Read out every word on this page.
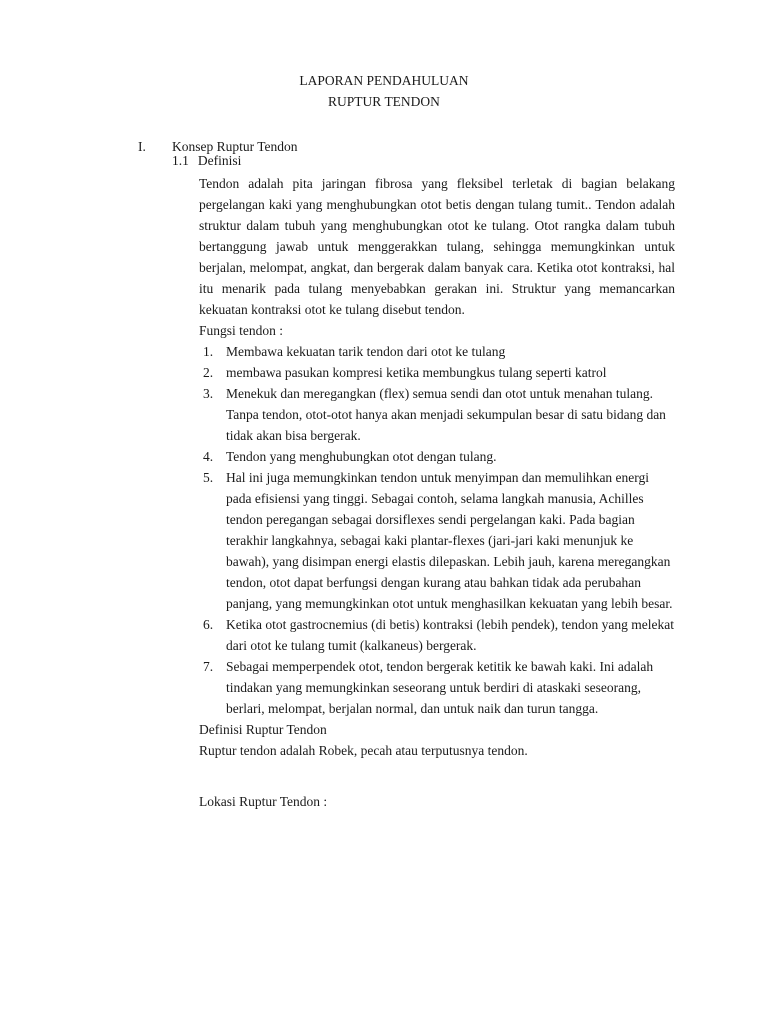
LAPORAN PENDAHULUAN
RUPTUR TENDON
I. Konsep Ruptur Tendon
1.1 Definisi

Tendon adalah pita jaringan fibrosa yang fleksibel terletak di bagian belakang pergelangan kaki yang menghubungkan otot betis dengan tulang tumit.. Tendon adalah struktur dalam tubuh yang menghubungkan otot ke tulang. Otot rangka dalam tubuh bertanggung jawab untuk menggerakkan tulang, sehingga memungkinkan untuk berjalan, melompat, angkat, dan bergerak dalam banyak cara. Ketika otot kontraksi, hal itu menarik pada tulang menyebabkan gerakan ini. Struktur yang memancarkan kekuatan kontraksi otot ke tulang disebut tendon.

Fungsi tendon :

1. Membawa kekuatan tarik tendon dari otot ke tulang
2. membawa pasukan kompresi ketika membungkus tulang seperti katrol
3. Menekuk dan meregangkan (flex) semua sendi dan otot untuk menahan tulang. Tanpa tendon, otot-otot hanya akan menjadi sekumpulan besar di satu bidang dan tidak akan bisa bergerak.
4. Tendon yang menghubungkan otot dengan tulang.
5. Hal ini juga memungkinkan tendon untuk menyimpan dan memulihkan energi pada efisiensi yang tinggi. Sebagai contoh, selama langkah manusia, Achilles tendon peregangan sebagai dorsiflexes sendi pergelangan kaki. Pada bagian terakhir langkahnya, sebagai kaki plantar-flexes (jari-jari kaki menunjuk ke bawah), yang disimpan energi elastis dilepaskan. Lebih jauh, karena meregangkan tendon, otot dapat berfungsi dengan kurang atau bahkan tidak ada perubahan panjang, yang memungkinkan otot untuk menghasilkan kekuatan yang lebih besar.
6. Ketika otot gastrocnemius (di betis) kontraksi (lebih pendek), tendon yang melekat dari otot ke tulang tumit (kalkaneus) bergerak.
7. Sebagai memperpendek otot, tendon bergerak ketitik ke bawah kaki. Ini adalah tindakan yang memungkinkan seseorang untuk berdiri di ataskaki seseorang, berlari, melompat, berjalan normal, dan untuk naik dan turun tangga.

Definisi Ruptur Tendon

Ruptur tendon adalah Robek, pecah atau terputusnya tendon.

Lokasi Ruptur Tendon :
